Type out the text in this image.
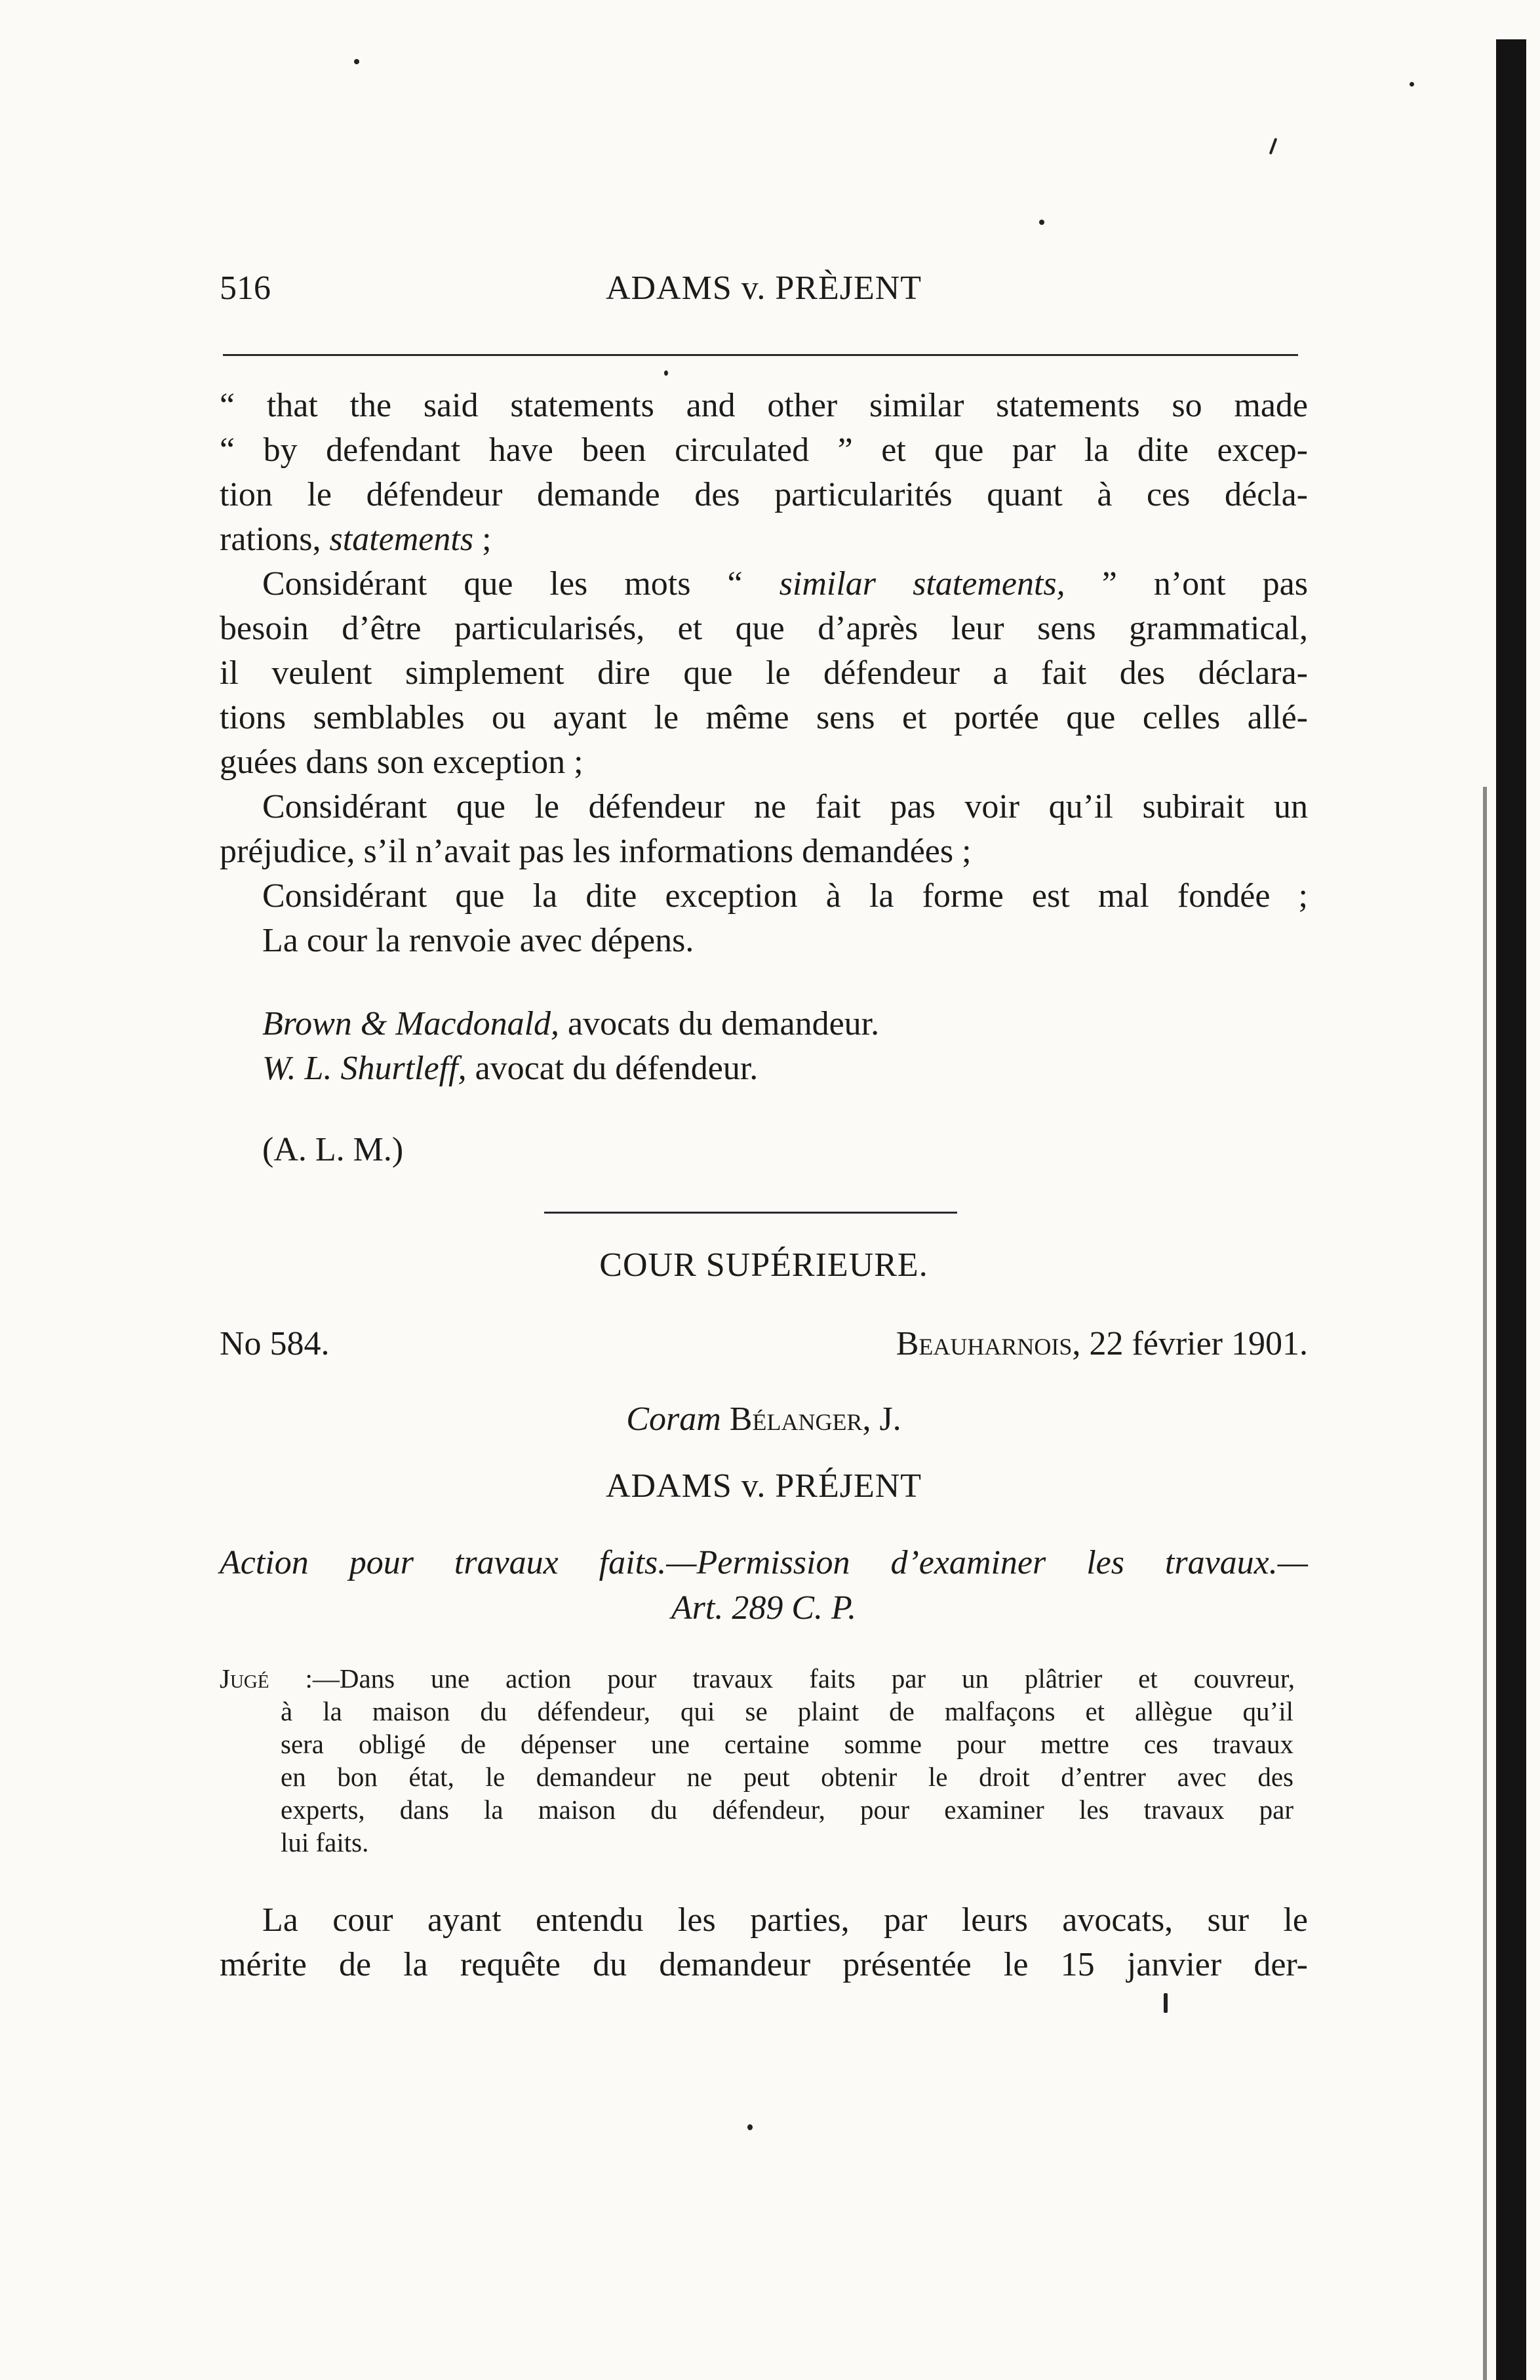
516	ADAMS v. PRÈJENT
“ that the said statements and other similar statements so made
“ by defendant have been circulated ” et que par la dite excep-
tion le défendeur demande des particularités quant à ces décla-
rations, statements ;
Considérant que les mots “ similar statements, ” n’ont pas
besoin d’être particularisés, et que d’après leur sens grammatical,
il veulent simplement dire que le défendeur a fait des déclara-
tions semblables ou ayant le même sens et portée que celles allé-
guées dans son exception ;
Considérant que le défendeur ne fait pas voir qu’il subirait un
préjudice, s’il n’avait pas les informations demandées ;
Considérant que la dite exception à la forme est mal fondée ;
La cour la renvoie avec dépens.
Brown & Macdonald, avocats du demandeur.
W. L. Shurtleff, avocat du défendeur.
(A. L. M.)
COUR SUPÉRIEURE.
No 584.	Beauharnois, 22 février 1901.
Coram Bélanger, J.
ADAMS v. PRÉJENT
Action pour travaux faits.—Permission d’examiner les travaux.—
Art. 289 C. P.
Jugé :—Dans une action pour travaux faits par un plâtrier et couvreur,
à la maison du défendeur, qui se plaint de malfaçons et allègue qu’il
sera obligé de dépenser une certaine somme pour mettre ces travaux
en bon état, le demandeur ne peut obtenir le droit d’entrer avec des
experts, dans la maison du défendeur, pour examiner les travaux par
lui faits.
La cour ayant entendu les parties, par leurs avocats, sur le
mérite de la requête du demandeur présentée le 15 janvier der-
